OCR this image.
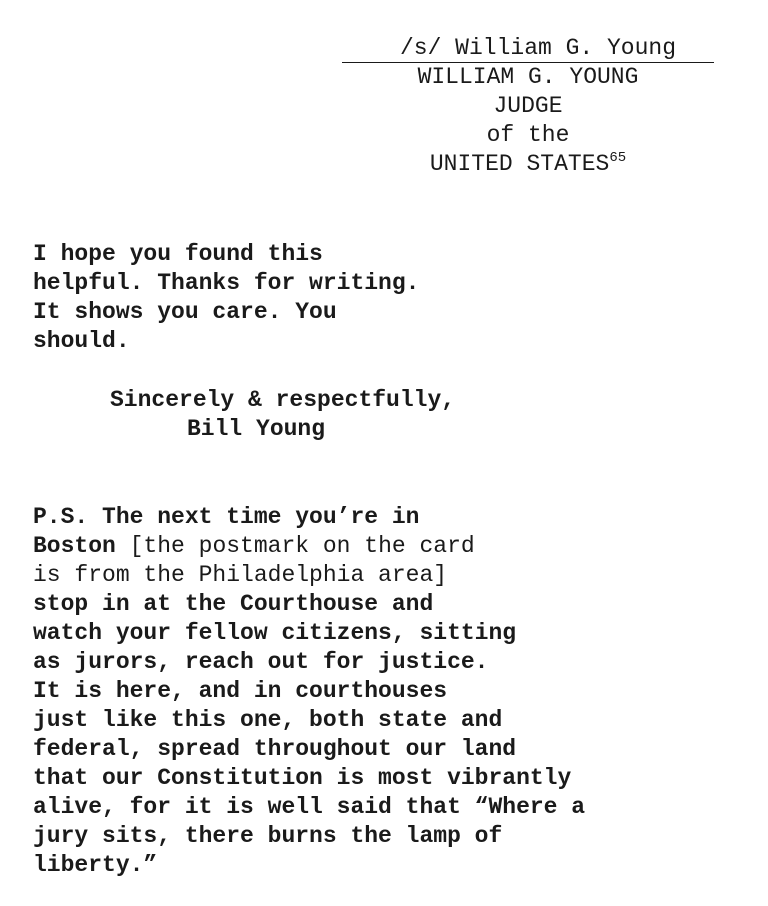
/s/ William G. Young
WILLIAM G. YOUNG
JUDGE
of the
UNITED STATES$^{65}$
I hope you found this
helpful. Thanks for writing.
It shows you care. You
should.
Sincerely & respectfully,
Bill Young
P.S. The next time you’re in
Boston [the postmark on the card
is from the Philadelphia area]
stop in at the Courthouse and
watch your fellow citizens, sitting
as jurors, reach out for justice.
It is here, and in courthouses
just like this one, both state and
federal, spread throughout our land
that our Constitution is most vibrantly
alive, for it is well said that “Where a
jury sits, there burns the lamp of
liberty.”
